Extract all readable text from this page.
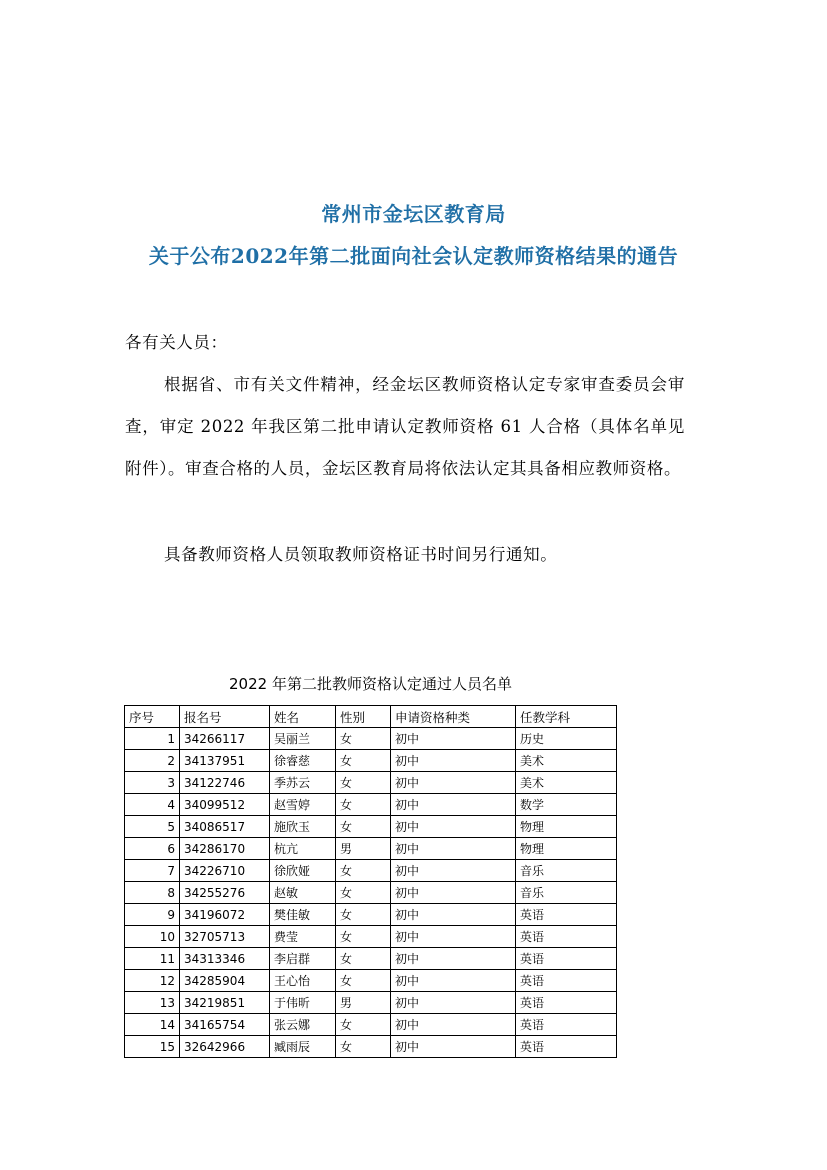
常州市金坛区教育局
关于公布2022年第二批面向社会认定教师资格结果的通告
各有关人员：
根据省、市有关文件精神，经金坛区教师资格认定专家审查委员会审查，审定 2022 年我区第二批申请认定教师资格 61 人合格（具体名单见附件）。审查合格的人员，金坛区教育局将依法认定其具备相应教师资格。
具备教师资格人员领取教师资格证书时间另行通知。
2022 年第二批教师资格认定通过人员名单
序号	报名号	姓名	性别	申请资格种类	任教学科
1	34266117	吴丽兰	女	初中	历史
2	34137951	徐睿慈	女	初中	美术
3	34122746	季苏云	女	初中	美术
4	34099512	赵雪婷	女	初中	数学
5	34086517	施欣玉	女	初中	物理
6	34286170	杭亢	男	初中	物理
7	34226710	徐欣娅	女	初中	音乐
8	34255276	赵敏	女	初中	音乐
9	34196072	樊佳敏	女	初中	英语
10	32705713	费莹	女	初中	英语
11	34313346	李启群	女	初中	英语
12	34285904	王心怡	女	初中	英语
13	34219851	于伟昕	男	初中	英语
14	34165754	张云娜	女	初中	英语
15	32642966	臧雨辰	女	初中	英语
